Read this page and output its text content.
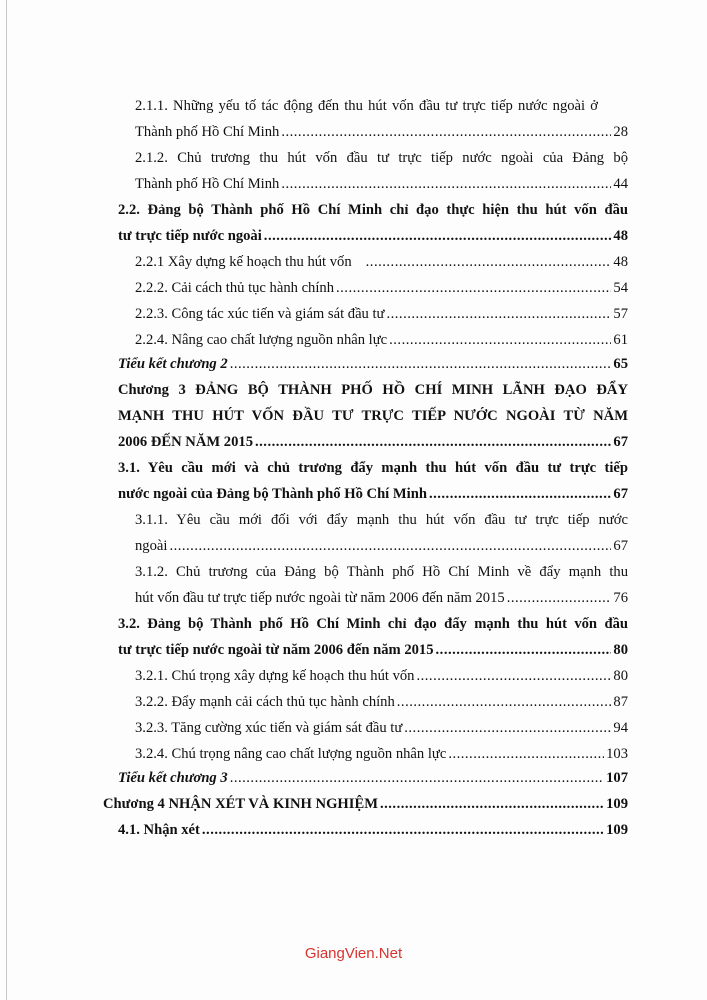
2.1.1. Những yếu tố tác động đến thu hút vốn đầu tư trực tiếp nước ngoài ở
Thành phố Hồ Chí Minh .....	28
2.1.2. Chủ trương thu hút vốn đầu tư trực tiếp nước ngoài của Đảng bộ
Thành phố Hồ Chí Minh .....	44
2.2. Đảng bộ Thành phố Hồ Chí Minh chỉ đạo thực hiện thu hút vốn đầu
tư trực tiếp nước ngoài .....	48
2.2.1 Xây dựng kế hoạch thu hút vốn .....	48
2.2.2. Cải cách thủ tục hành chính .....	54
2.2.3. Công tác xúc tiến và giám sát đầu tư .....	57
2.2.4. Nâng cao chất lượng nguồn nhân lực .....	61
Tiểu kết chương 2 .....	65
Chương 3 ĐẢNG BỘ THÀNH PHỐ HỒ CHÍ MINH LÃNH ĐẠO ĐẨY
MẠNH THU HÚT VỐN ĐẦU TƯ TRỰC TIẾP NƯỚC NGOÀI TỪ NĂM
2006 ĐẾN NĂM 2015 .....	67
3.1. Yêu cầu mới và chủ trương đẩy mạnh thu hút vốn đầu tư trực tiếp
nước ngoài của Đảng bộ Thành phố Hồ Chí Minh .....	67
3.1.1. Yêu cầu mới đối với đẩy mạnh thu hút vốn đầu tư trực tiếp nước
ngoài .....	67
3.1.2. Chủ trương của Đảng bộ Thành phố Hồ Chí Minh về đẩy mạnh thu
hút vốn đầu tư trực tiếp nước ngoài từ năm 2006 đến năm 2015 .....	76
3.2. Đảng bộ Thành phố Hồ Chí Minh chỉ đạo đẩy mạnh thu hút vốn đầu
tư trực tiếp nước ngoài từ năm 2006 đến năm 2015 .....	80
3.2.1. Chú trọng xây dựng kế hoạch thu hút vốn .....	80
3.2.2. Đẩy mạnh cải cách thủ tục hành chính .....	87
3.2.3. Tăng cường xúc tiến và giám sát đầu tư .....	94
3.2.4. Chú trọng nâng cao chất lượng nguồn nhân lực .....	103
Tiểu kết chương 3 .....	107
Chương 4 NHẬN XÉT VÀ KINH NGHIỆM .....	109
4.1. Nhận xét .....	109
GiangVien.Net
